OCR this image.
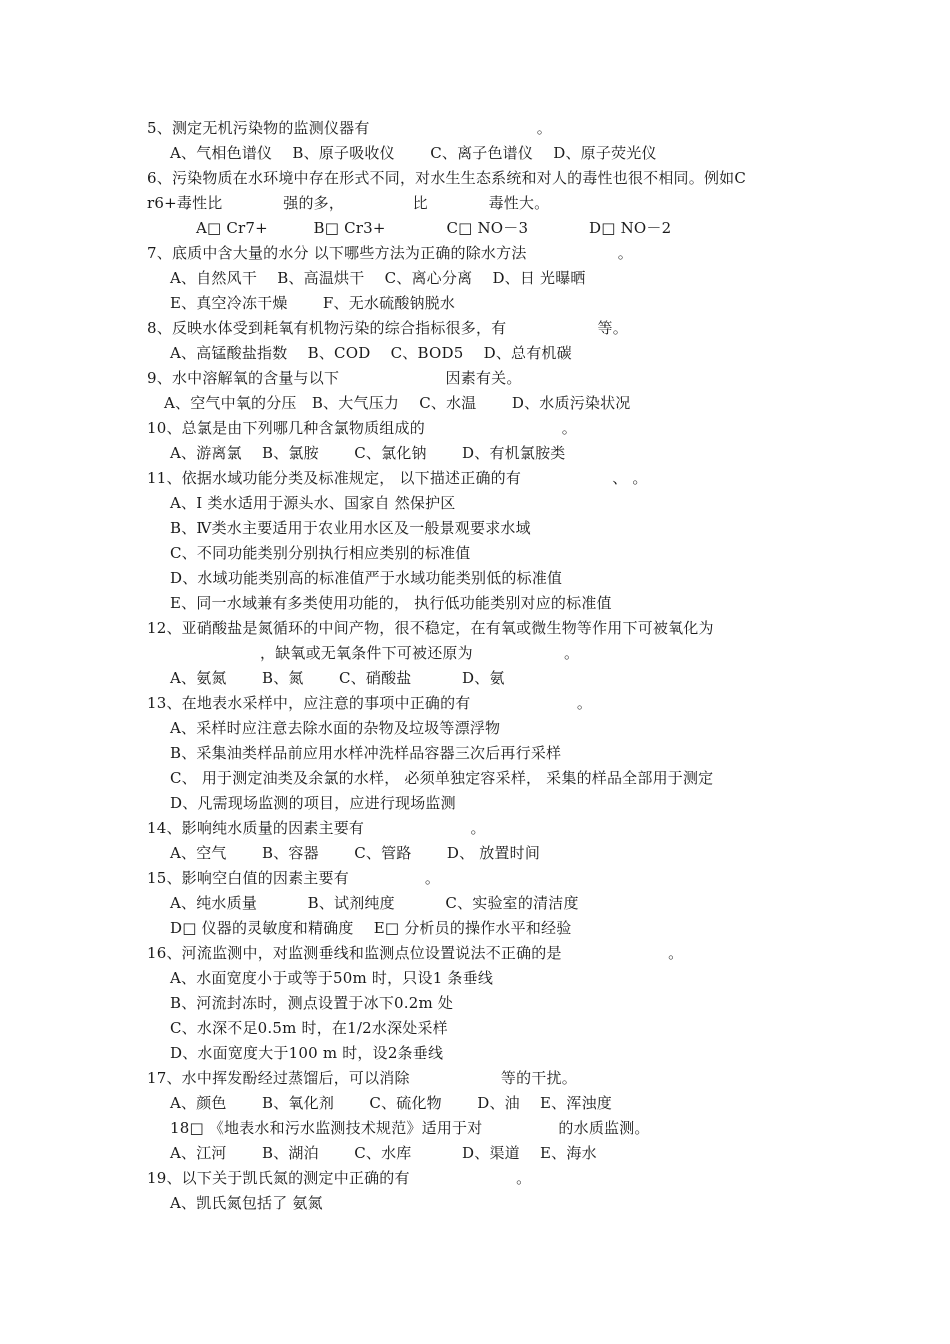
5、测定无机污染物的监测仪器有　　　　　　　　　　　。
A、气相色谱仪　 B、原子吸收仪　　 C、离子色谱仪　 D、原子荧光仪
6、污染物质在水环境中存在形式不同，对水生生态系统和对人的毒性也很不相同。例如C
r6+毒性比　　　　强的多，　　　　　比　　　　毒性大。
A□ Cr7+　　　B□ Cr3+　　　　C□ NO－3　　　　D□ NO－2
7、底质中含大量的水分 以下哪些方法为正确的除水方法　　　　　　。
A、自然风干　 B、高温烘干　 C、离心分离　 D、日 光曝晒
E、真空冷冻干燥　　 F、无水硫酸钠脱水
8、反映水体受到耗氧有机物污染的综合指标很多，有　　　　　　等。
A、高锰酸盐指数　 B、COD　 C、BOD5　 D、总有机碳
9、水中溶解氧的含量与以下　　　　　　　因素有关。
A、空气中氧的分压　B、大气压力　 C、水温　　 D、水质污染状况
10、总氯是由下列哪几种含氯物质组成的　　　　　　　　　。
A、游离氯　 B、氯胺　　 C、氯化钠　　 D、有机氯胺类
11、依据水域功能分类及标准规定， 以下描述正确的有　　　　　　、 。
A、Ⅰ 类水适用于源头水、国家自 然保护区
B、Ⅳ类水主要适用于农业用水区及一般景观要求水域
C、不同功能类别分别执行相应类别的标准值
D、水域功能类别高的标准值严于水域功能类别低的标准值
E、同一水域兼有多类使用功能的， 执行低功能类别对应的标准值
12、亚硝酸盐是氮循环的中间产物，很不稳定，在有氧或微生物等作用下可被氧化为
，缺氧或无氧条件下可被还原为　　　　　　。
A、氨氮　　 B、氮　　 C、硝酸盐　　　 D、氨
13、在地表水采样中，应注意的事项中正确的有　　　　　　　。
A、采样时应注意去除水面的杂物及垃圾等漂浮物
B、采集油类样品前应用水样冲洗样品容器三次后再行采样
C、 用于测定油类及余氯的水样， 必须单独定容采样， 采集的样品全部用于测定
D、凡需现场监测的项目，应进行现场监测
14、影响纯水质量的因素主要有　　　　　　　。
A、空气　　 B、容器　　 C、管路　　 D、 放置时间
15、影响空白值的因素主要有　　　　　。
A、纯水质量　　　 B、试剂纯度　　　 C、实验室的清洁度
D□ 仪器的灵敏度和精确度　 E□ 分析员的操作水平和经验
16、河流监测中，对监测垂线和监测点位设置说法不正确的是　　　　　　　。
A、水面宽度小于或等于50m 时，只设1 条垂线
B、河流封冻时，测点设置于冰下0.2m 处
C、水深不足0.5m 时，在1/2水深处采样
D、水面宽度大于100 m 时，设2条垂线
17、水中挥发酚经过蒸馏后，可以消除　　　　　　等的干扰。
A、颜色　　 B、氧化剂　　 C、硫化物　　 D、油　 E、浑浊度
18□ 《地表水和污水监测技术规范》适用于对　　　　　的水质监测。
A、江河　　 B、湖泊　　 C、水库　　　 D、渠道　 E、海水
19、以下关于凯氏氮的测定中正确的有　　　　　　　。
A、凯氏氮包括了 氨氮
